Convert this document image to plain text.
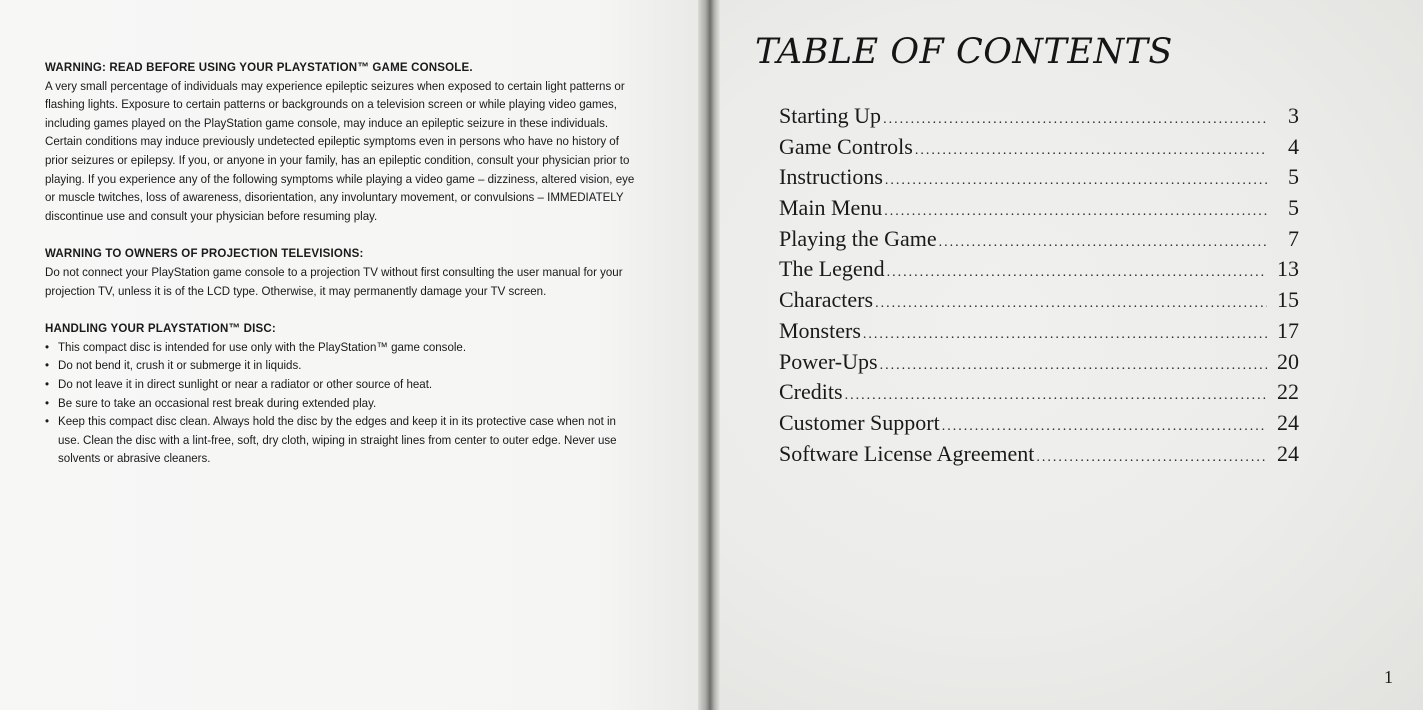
WARNING: READ BEFORE USING YOUR PLAYSTATION™ GAME CONSOLE.

A very small percentage of individuals may experience epileptic seizures when exposed to certain light patterns or flashing lights. Exposure to certain patterns or backgrounds on a television screen or while playing video games, including games played on the PlayStation game console, may induce an epileptic seizure in these individuals. Certain conditions may induce previously undetected epileptic symptoms even in persons who have no history of prior seizures or epilepsy. If you, or anyone in your family, has an epileptic condition, consult your physician prior to playing. If you experience any of the following symptoms while playing a video game – dizziness, altered vision, eye or muscle twitches, loss of awareness, disorientation, any involuntary movement, or convulsions – IMMEDIATELY discontinue use and consult your physician before resuming play.

WARNING TO OWNERS OF PROJECTION TELEVISIONS:

Do not connect your PlayStation game console to a projection TV without first consulting the user manual for your projection TV, unless it is of the LCD type. Otherwise, it may permanently damage your TV screen.

HANDLING YOUR PLAYSTATION™ DISC:

• This compact disc is intended for use only with the PlayStation™ game console.
• Do not bend it, crush it or submerge it in liquids.
• Do not leave it in direct sunlight or near a radiator or other source of heat.
• Be sure to take an occasional rest break during extended play.
• Keep this compact disc clean. Always hold the disc by the edges and keep it in its protective case when not in use. Clean the disc with a lint-free, soft, dry cloth, wiping in straight lines from center to outer edge. Never use solvents or abrasive cleaners.
TABLE OF CONTENTS
Starting Up .....	3
Game Controls .....	4
Instructions .....	5
Main Menu .....	5
Playing the Game .....	7
The Legend .....	13
Characters .....	15
Monsters .....	17
Power-Ups .....	20
Credits .....	22
Customer Support .....	24
Software License Agreement .....	24
1
